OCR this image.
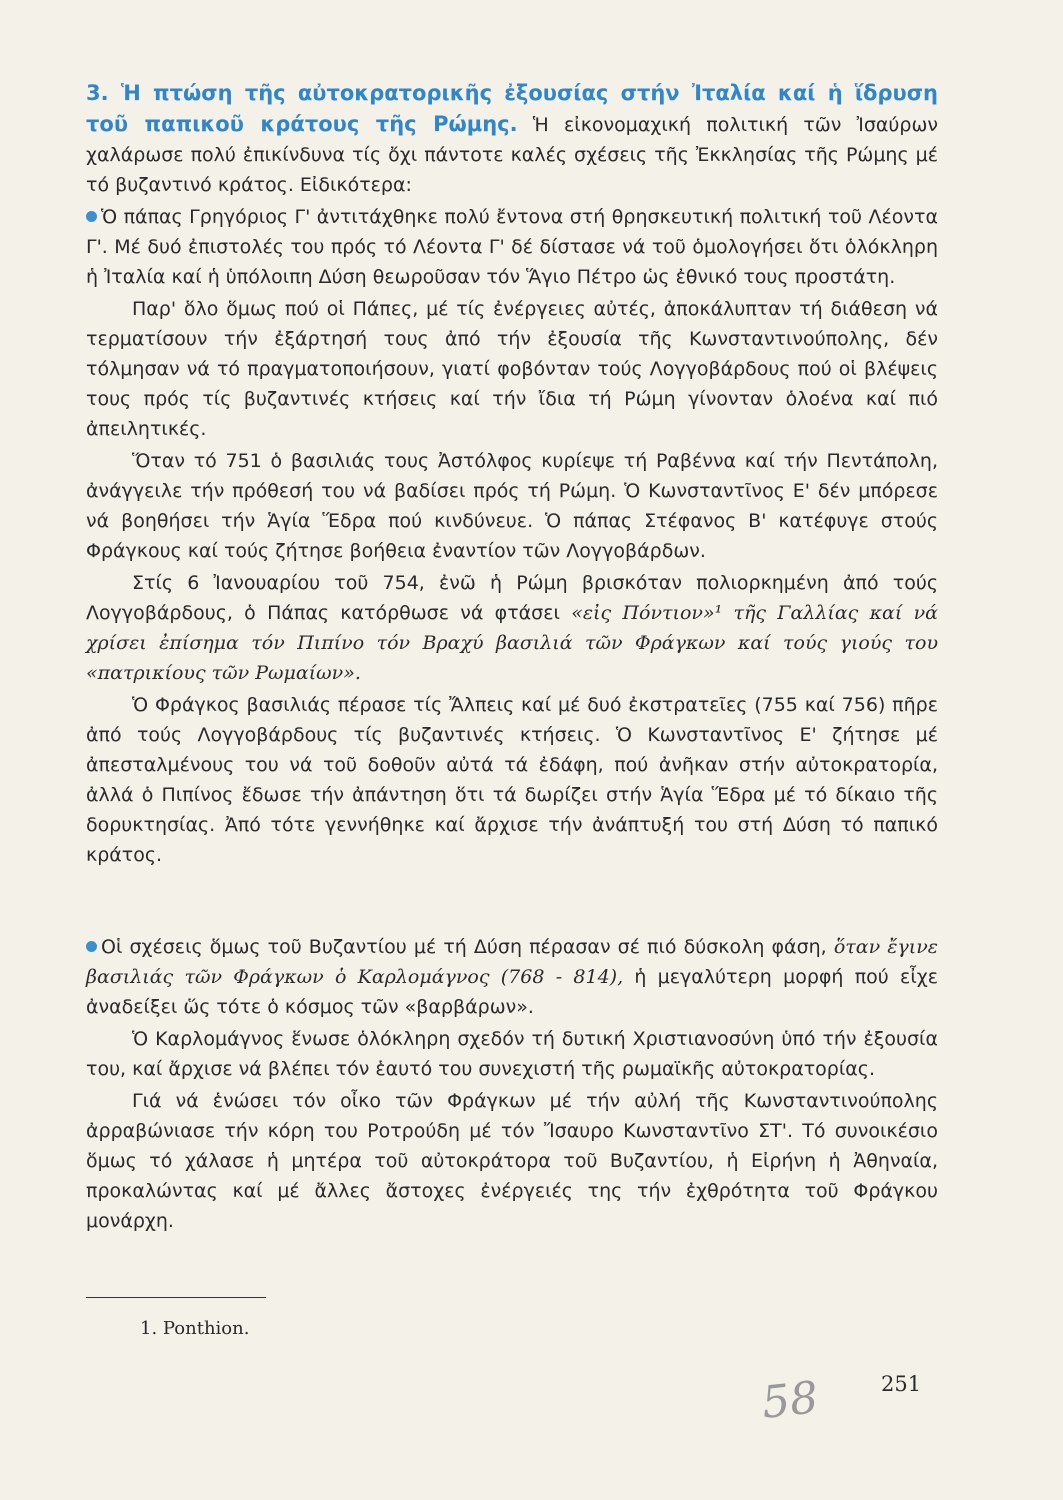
3. Ἡ πτώση τῆς αὐτοκρατορικῆς ἐξουσίας στήν Ἰταλία καί ἡ ἵδρυση τοῦ παπικοῦ κράτους τῆς Ρώμης. Ἡ εἰκονομαχική πολιτική τῶν Ἰσαύρων χαλάρωσε πολύ ἐπικίνδυνα τίς ὄχι πάντοτε καλές σχέσεις τῆς Ἐκκλησίας τῆς Ρώμης μέ τό βυζαντινό κράτος. Εἰδικότερα:

Ὁ πάπας Γρηγόριος Γ' ἀντιτάχθηκε πολύ ἔντονα στή θρησκευτική πολιτική τοῦ Λέοντα Γ'. Μέ δυό ἐπιστολές του πρός τό Λέοντα Γ' δέ δίστασε νά τοῦ ὁμολογήσει ὅτι ὁλόκληρη ἡ Ἰταλία καί ἡ ὑπόλοιπη Δύση θεωροῦσαν τόν Ἅγιο Πέτρο ὡς ἐθνικό τους προστάτη.

Παρ' ὅλο ὅμως πού οἱ Πάπες, μέ τίς ἐνέργειες αὐτές, ἀποκάλυπταν τή διάθεση νά τερματίσουν τήν ἐξάρτησή τους ἀπό τήν ἐξουσία τῆς Κωνσταντινούπολης, δέν τόλμησαν νά τό πραγματοποιήσουν, γιατί φοβόνταν τούς Λογγοβάρδους πού οἱ βλέψεις τους πρός τίς βυζαντινές κτήσεις καί τήν ἴδια τή Ρώμη γίνονταν ὁλοένα καί πιό ἀπειλητικές.

Ὅταν τό 751 ὁ βασιλιάς τους Ἀστόλφος κυρίεψε τή Ραβέννα καί τήν Πεντάπολη, ἀνάγγειλε τήν πρόθεσή του νά βαδίσει πρός τή Ρώμη. Ὁ Κωνσταντῖνος Ε' δέν μπόρεσε νά βοηθήσει τήν Ἁγία Ἕδρα πού κινδύνευε. Ὁ πάπας Στέφανος Β' κατέφυγε στούς Φράγκους καί τούς ζήτησε βοήθεια ἐναντίον τῶν Λογγοβάρδων.

Στίς 6 Ἰανουαρίου τοῦ 754, ἐνῶ ἡ Ρώμη βρισκόταν πολιορκημένη ἀπό τούς Λογγοβάρδους, ὁ Πάπας κατόρθωσε νά φτάσει «εἰς Πόντιον»¹ τῆς Γαλλίας καί νά χρίσει ἐπίσημα τόν Πιπίνο τόν Βραχύ βασιλιά τῶν Φράγκων καί τούς γιούς του «πατρικίους τῶν Ρωμαίων».

Ὁ Φράγκος βασιλιάς πέρασε τίς Ἄλπεις καί μέ δυό ἐκστρατεῖες (755 καί 756) πῆρε ἀπό τούς Λογγοβάρδους τίς βυζαντινές κτήσεις. Ὁ Κωνσταντῖνος Ε' ζήτησε μέ ἀπεσταλμένους του νά τοῦ δοθοῦν αὐτά τά ἐδάφη, πού ἀνῆκαν στήν αὐτοκρατορία, ἀλλά ὁ Πιπίνος ἔδωσε τήν ἀπάντηση ὅτι τά δωρίζει στήν Ἁγία Ἕδρα μέ τό δίκαιο τῆς δορυκτησίας. Ἀπό τότε γεννήθηκε καί ἄρχισε τήν ἀνάπτυξή του στή Δύση τό παπικό κράτος.

Οἱ σχέσεις ὅμως τοῦ Βυζαντίου μέ τή Δύση πέρασαν σέ πιό δύσκολη φάση, ὅταν ἔγινε βασιλιάς τῶν Φράγκων ὁ Καρλομάγνος (768 - 814), ἡ μεγαλύτερη μορφή πού εἶχε ἀναδείξει ὥς τότε ὁ κόσμος τῶν «βαρβάρων».

Ὁ Καρλομάγνος ἕνωσε ὁλόκληρη σχεδόν τή δυτική Χριστιανοσύνη ὑπό τήν ἐξουσία του, καί ἄρχισε νά βλέπει τόν ἑαυτό του συνεχιστή τῆς ρωμαϊκῆς αὐτοκρατορίας.

Γιά νά ἑνώσει τόν οἶκο τῶν Φράγκων μέ τήν αὐλή τῆς Κωνσταντινούπολης ἀρραβώνιασε τήν κόρη του Ροτρούδη μέ τόν Ἴσαυρο Κωνσταντῖνο ΣΤ'. Τό συνοικέσιο ὅμως τό χάλασε ἡ μητέρα τοῦ αὐτοκράτορα τοῦ Βυζαντίου, ἡ Εἰρήνη ἡ Ἀθηναία, προκαλώντας καί μέ ἄλλες ἄστοχες ἐνέργειές της τήν ἐχθρότητα τοῦ Φράγκου μονάρχη.

1. Ponthion.
58	251
